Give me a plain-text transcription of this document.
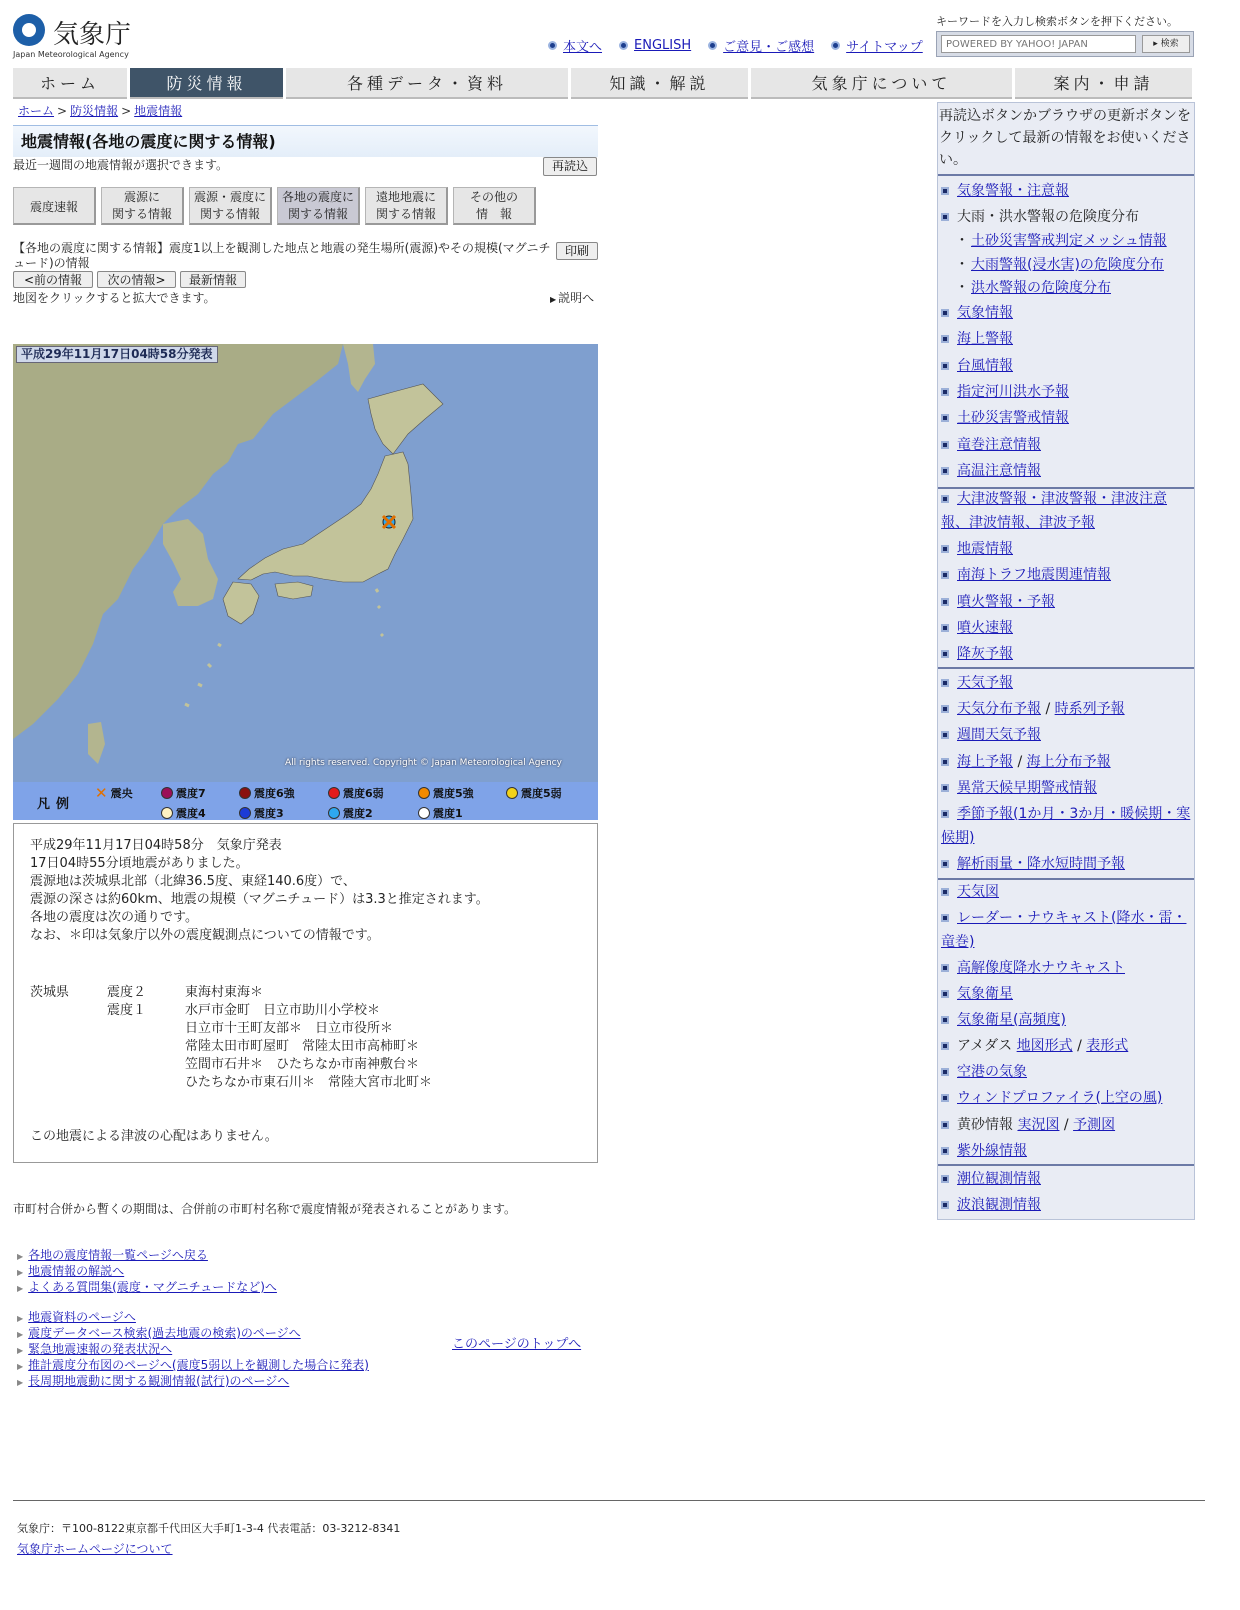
気象庁
Japan Meteorological Agency	本文へ ENGLISH ご意見・ご感想 サイトマップ
キーワードを入力し検索ボタンを押下ください。
POWERED BY YAHOO! JAPAN
▸ 検索
ホーム	防災情報	各種データ・資料	知識・解説	気象庁について	案内・申請
ホーム > 防災情報 > 地震情報
地震情報(各地の震度に関する情報)
最近一週間の地震情報が選択できます。	再読込
震度速報
震源に
関する情報
震源・震度に
関する情報
各地の震度に
関する情報
遠地地震に
関する情報
その他の
情　報
【各地の震度に関する情報】震度1以上を観測した地点と地震の発生場所(震源)やその規模(マグニチュード)の情報
印刷
<前の情報	次の情報>	最新情報
地図をクリックすると拡大できます。	▶ 説明へ
平成29年11月17日04時58分発表
All rights reserved. Copyright © Japan Meteorological Agency
凡例
✕ 震央	震度7	震度6強	震度6弱	震度5強	震度5弱
震度4	震度3	震度2	震度1
平成29年11月17日04時58分　気象庁発表
17日04時55分頃地震がありました。
震源地は茨城県北部（北緯36.5度、東経140.6度）で、
震源の深さは約60km、地震の規模（マグニチュード）は3.3と推定されます。
各地の震度は次の通りです。
なお、＊印は気象庁以外の震度観測点についての情報です。
茨城県	震度２	東海村東海＊
震度１	水戸市金町　日立市助川小学校＊
日立市十王町友部＊　日立市役所＊
常陸太田市町屋町　常陸太田市高柿町＊
笠間市石井＊　ひたちなか市南神敷台＊
ひたちなか市東石川＊　常陸大宮市北町＊
この地震による津波の心配はありません。
市町村合併から暫くの期間は、合併前の市町村名称で震度情報が発表されることがあります。
▶ 各地の震度情報一覧ページへ戻る
▶ 地震情報の解説へ
▶ よくある質問集(震度・マグニチュードなど)へ
▶ 地震資料のページへ
▶ 震度データベース検索(過去地震の検索)のページへ
▶ 緊急地震速報の発表状況へ
▶ 推計震度分布図のページへ(震度5弱以上を観測した場合に発表)
▶ 長周期地震動に関する観測情報(試行)のページへ
このページのトップへ
気象庁：〒100-8122東京都千代田区大手町1-3-4 代表電話：03-3212-8341
気象庁ホームページについて
再読込ボタンかブラウザの更新ボタンをクリックして最新の情報をお使いください。
気象警報・注意報
大雨・洪水警報の危険度分布
・ 土砂災害警戒判定メッシュ情報
・ 大雨警報(浸水害)の危険度分布
・ 洪水警報の危険度分布
気象情報
海上警報
台風情報
指定河川洪水予報
土砂災害警戒情報
竜巻注意情報
高温注意情報
大津波警報・津波警報・津波注意報、津波情報、津波予報
地震情報
南海トラフ地震関連情報
噴火警報・予報
噴火速報
降灰予報
天気予報
天気分布予報 / 時系列予報
週間天気予報
海上予報 / 海上分布予報
異常天候早期警戒情報
季節予報(1か月・3か月・暖候期・寒候期)
解析雨量・降水短時間予報
天気図
レーダー・ナウキャスト(降水・雷・竜巻)
高解像度降水ナウキャスト
気象衛星
気象衛星(高頻度)
アメダス 地図形式 / 表形式
空港の気象
ウィンドプロファイラ(上空の風)
黄砂情報 実況図 / 予測図
紫外線情報
潮位観測情報
波浪観測情報
